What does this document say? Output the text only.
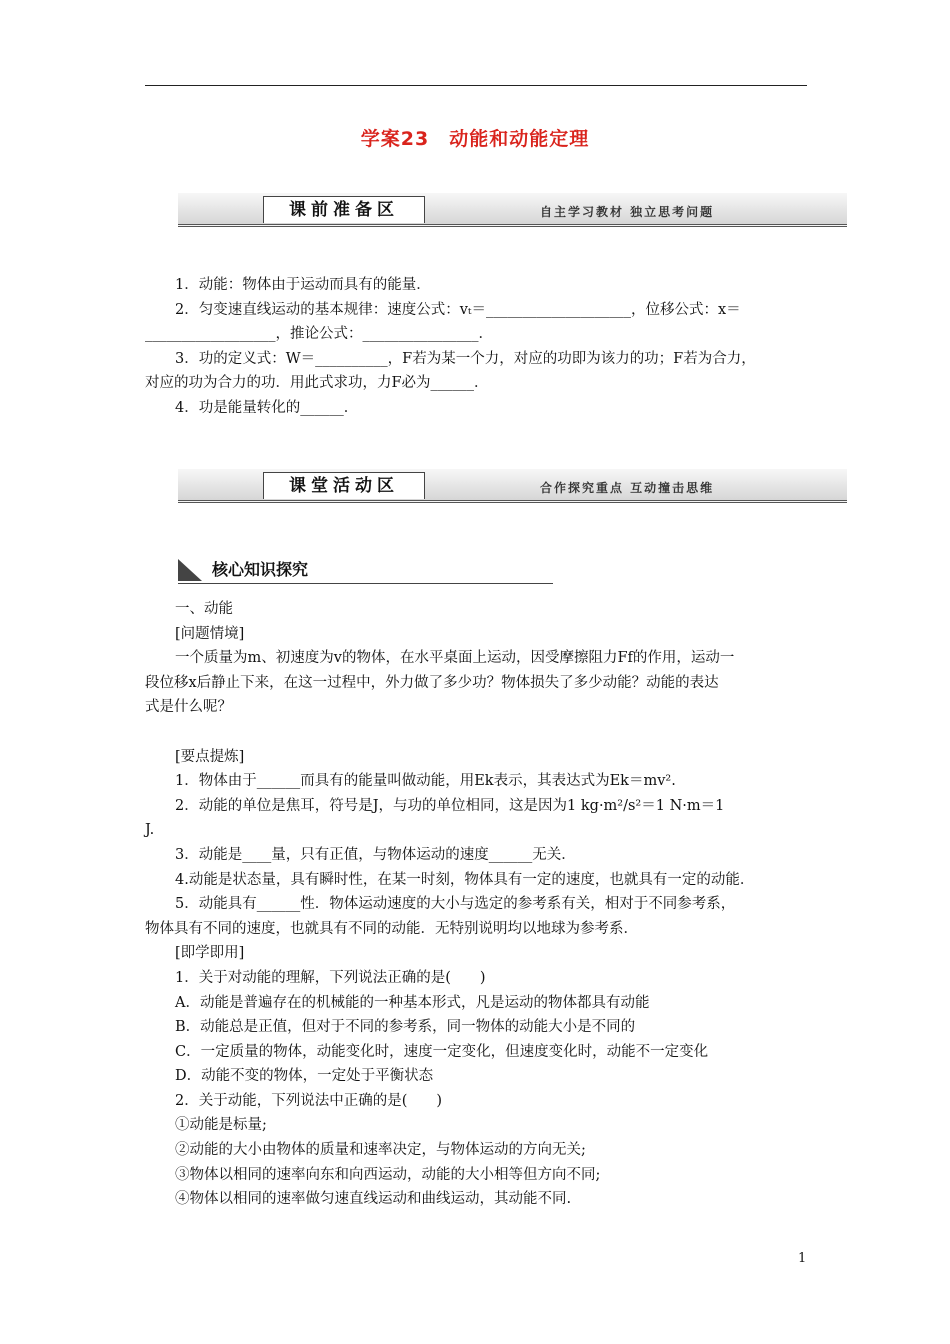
学案23　动能和动能定理
课前准备区	自主学习教材 独立思考问题

1．动能：物体由于运动而具有的能量．

2．匀变速直线运动的基本规律：速度公式：vₜ＝____________________，位移公式：x＝

__________________，推论公式：________________．

3．功的定义式：W＝__________，F若为某一个力，对应的功即为该力的功；F若为合力，

对应的功为合力的功．用此式求功，力F必为______．

4．功是能量转化的______．

课堂活动区	合作探究重点 互动撞击思维
核心知识探究

一、动能

[问题情境]

一个质量为m、初速度为v的物体，在水平桌面上运动，因受摩擦阻力Ff的作用，运动一

段位移x后静止下来，在这一过程中，外力做了多少功？物体损失了多少动能？动能的表达

式是什么呢？

[要点提炼]

1．物体由于______而具有的能量叫做动能，用Ek表示，其表达式为Ek＝mv².

2．动能的单位是焦耳，符号是J，与功的单位相同，这是因为1 kg·m²/s²＝1 N·m＝1

J.

3．动能是____量，只有正值，与物体运动的速度______无关．

4.动能是状态量，具有瞬时性，在某一时刻，物体具有一定的速度，也就具有一定的动能．

5．动能具有______性．物体运动速度的大小与选定的参考系有关，相对于不同参考系，

物体具有不同的速度，也就具有不同的动能．无特别说明均以地球为参考系．

[即学即用]

1．关于对动能的理解，下列说法正确的是(　　)

A．动能是普遍存在的机械能的一种基本形式，凡是运动的物体都具有动能

B．动能总是正值，但对于不同的参考系，同一物体的动能大小是不同的

C．一定质量的物体，动能变化时，速度一定变化，但速度变化时，动能不一定变化

D．动能不变的物体，一定处于平衡状态

2．关于动能，下列说法中正确的是(　　)

①动能是标量;

②动能的大小由物体的质量和速率决定，与物体运动的方向无关;

③物体以相同的速率向东和向西运动，动能的大小相等但方向不同;

④物体以相同的速率做匀速直线运动和曲线运动，其动能不同.

1
